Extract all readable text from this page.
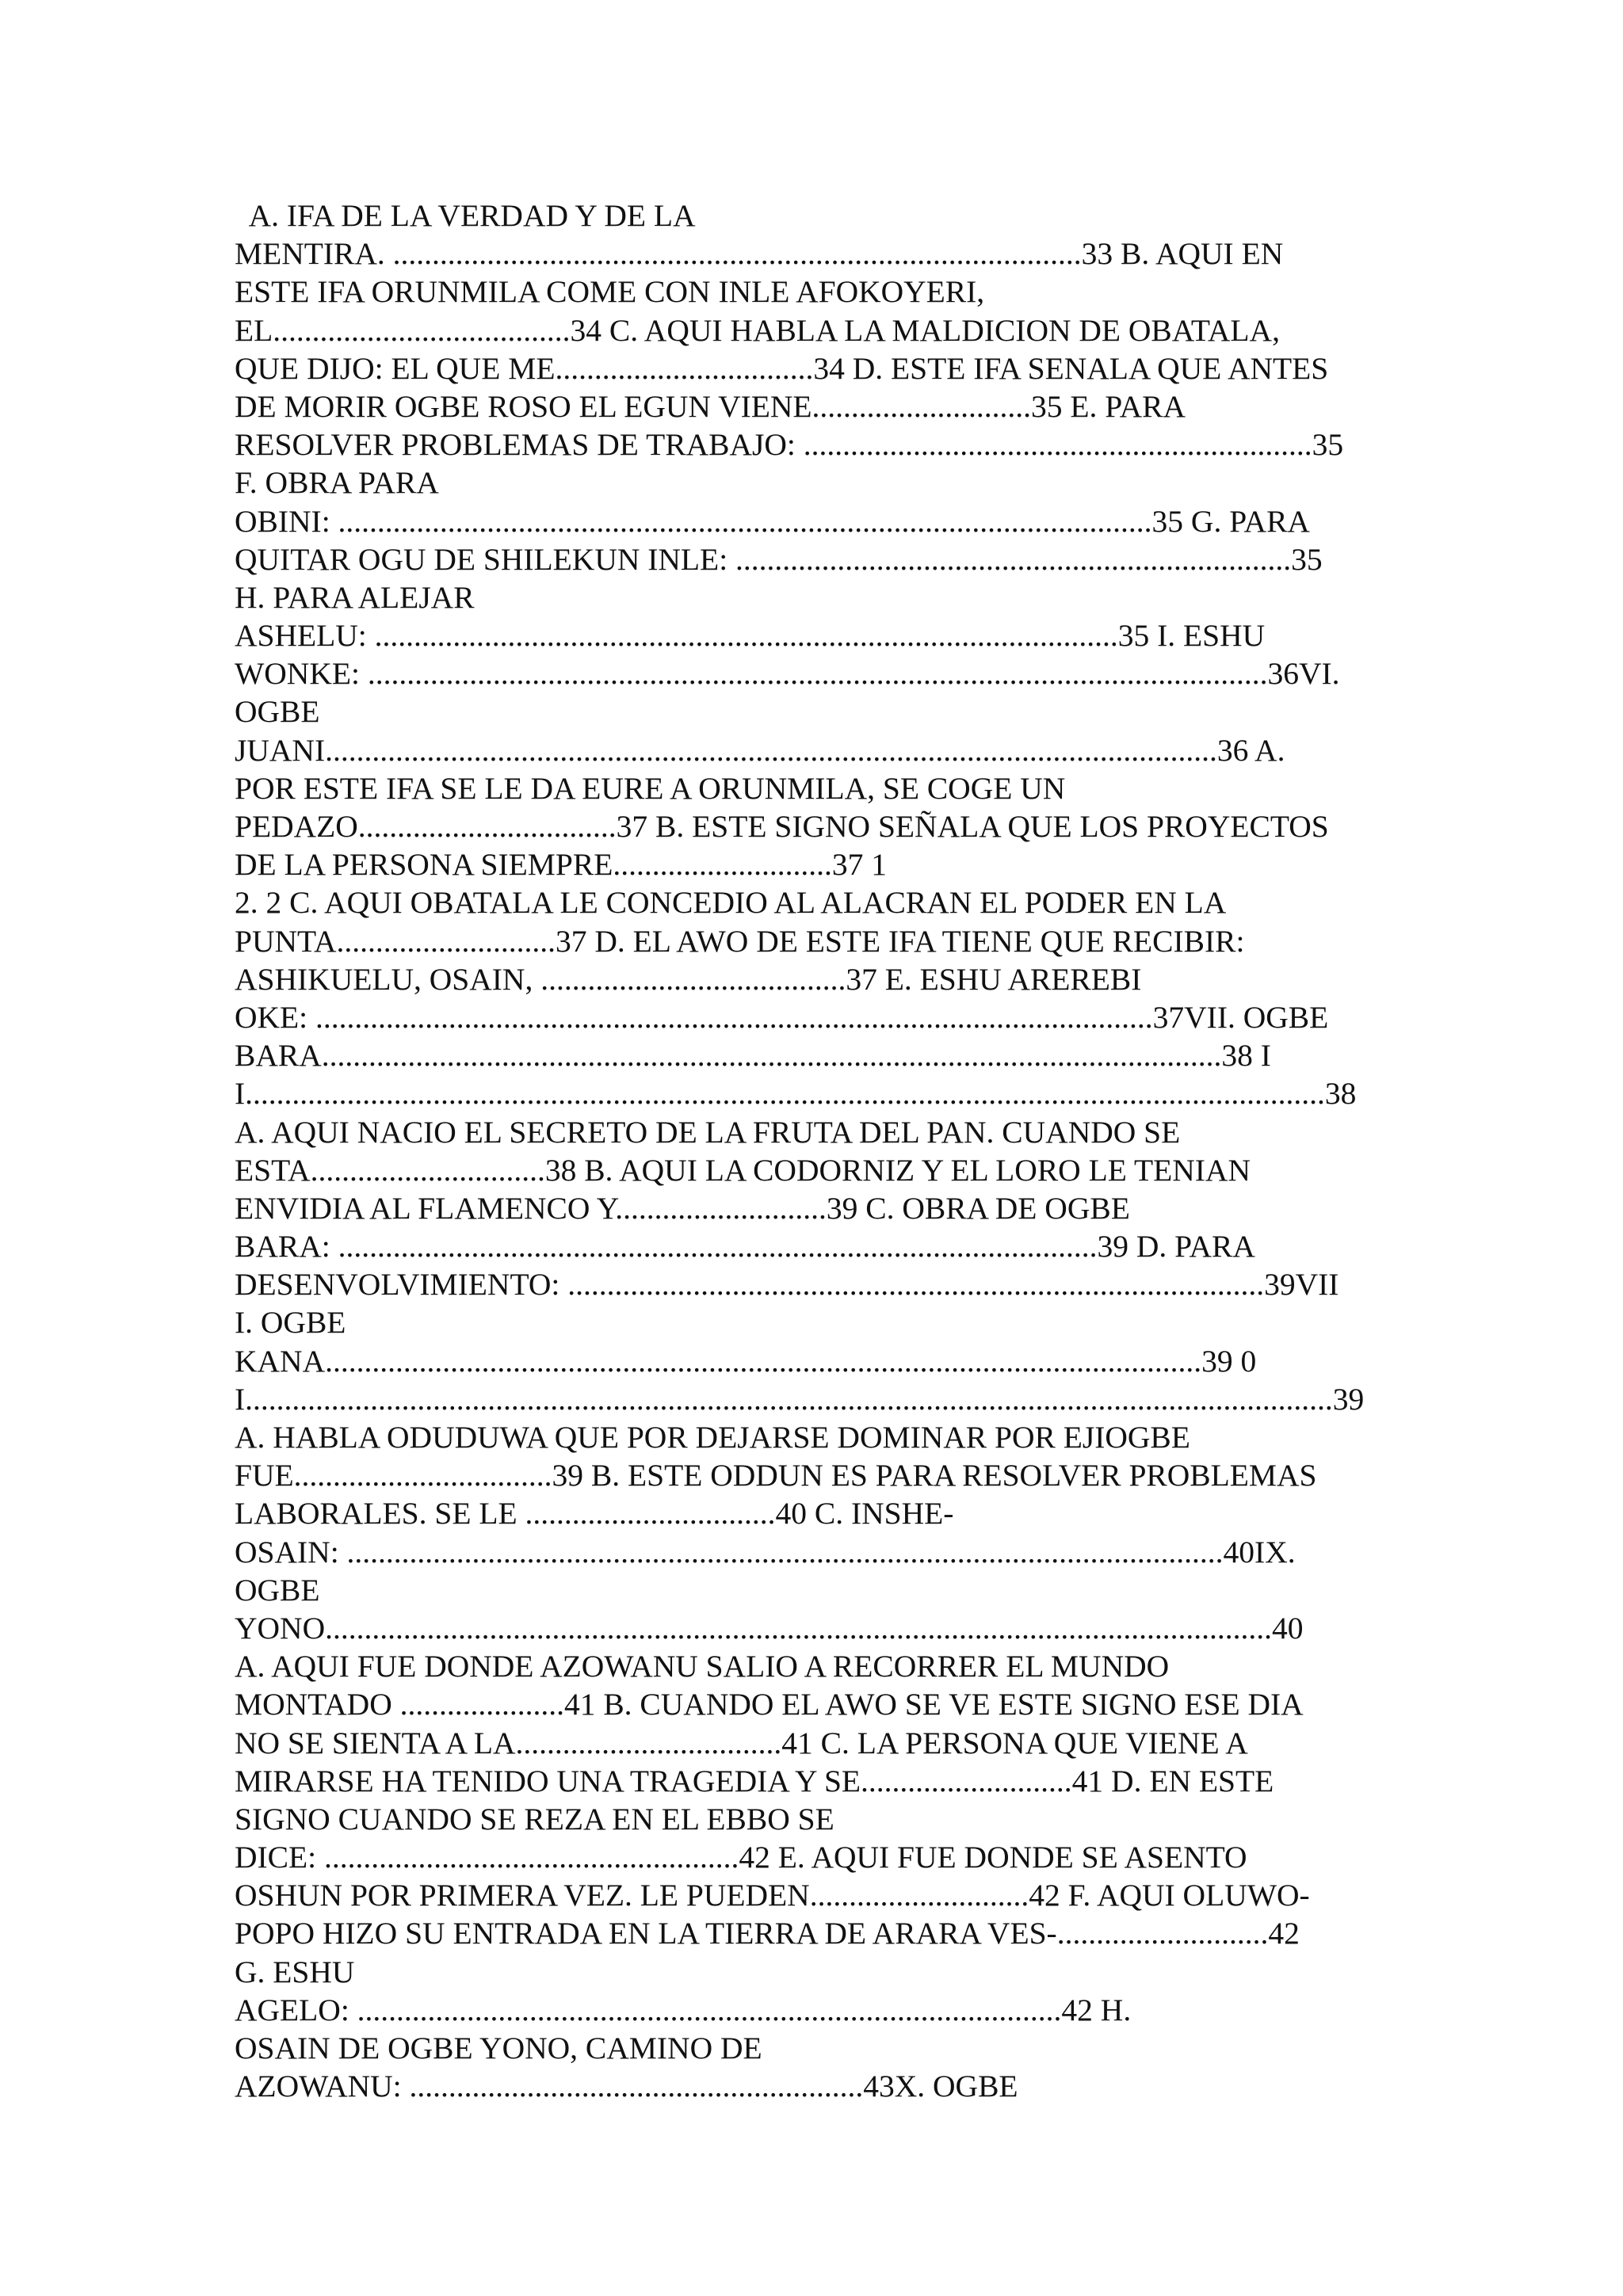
A. IFA DE LA VERDAD Y DE LA
MENTIRA. ........................................................................................33 B. AQUI EN
ESTE IFA ORUNMILA COME CON INLE AFOKOYERI,
EL......................................34 C. AQUI HABLA LA MALDICION DE OBATALA,
QUE DIJO: EL QUE ME.................................34 D. ESTE IFA SENALA QUE ANTES
DE MORIR OGBE ROSO EL EGUN VIENE............................35 E. PARA
RESOLVER PROBLEMAS DE TRABAJO: .................................................................35
F. OBRA PARA
OBINI: ........................................................................................................35 G. PARA
QUITAR OGU DE SHILEKUN INLE: .......................................................................35
H. PARA ALEJAR
ASHELU: ...............................................................................................35 I. ESHU
WONKE: ...................................................................................................................36VI.
OGBE
JUANI..................................................................................................................36 A.
POR ESTE IFA SE LE DA EURE A ORUNMILA, SE COGE UN
PEDAZO.................................37 B. ESTE SIGNO SEÑALA QUE LOS PROYECTOS
DE LA PERSONA SIEMPRE............................37 1
2. 2 C. AQUI OBATALA LE CONCEDIO AL ALACRAN EL PODER EN LA
PUNTA............................37 D. EL AWO DE ESTE IFA TIENE QUE RECIBIR:
ASHIKUELU, OSAIN, .......................................37 E. ESHU AREREBI
OKE: ...........................................................................................................37VII. OGBE
BARA...................................................................................................................38 I
I..........................................................................................................................................38
A. AQUI NACIO EL SECRETO DE LA FRUTA DEL PAN. CUANDO SE
ESTA..............................38 B. AQUI LA CODORNIZ Y EL LORO LE TENIAN
ENVIDIA AL FLAMENCO Y...........................39 C. OBRA DE OGBE
BARA: .................................................................................................39 D. PARA
DESENVOLVIMIENTO: .........................................................................................39VII
I. OGBE
KANA................................................................................................................39 0
I...........................................................................................................................................39
A. HABLA ODUDUWA QUE POR DEJARSE DOMINAR POR EJIOGBE
FUE.................................39 B. ESTE ODDUN ES PARA RESOLVER PROBLEMAS
LABORALES. SE LE ................................40 C. INSHE-
OSAIN: ................................................................................................................40IX.
OGBE
YONO.........................................................................................................................40
A. AQUI FUE DONDE AZOWANU SALIO A RECORRER EL MUNDO
MONTADO .....................41 B. CUANDO EL AWO SE VE ESTE SIGNO ESE DIA
NO SE SIENTA A LA..................................41 C. LA PERSONA QUE VIENE A
MIRARSE HA TENIDO UNA TRAGEDIA Y SE...........................41 D. EN ESTE
SIGNO CUANDO SE REZA EN EL EBBO SE
DICE: .....................................................42 E. AQUI FUE DONDE SE ASENTO
OSHUN POR PRIMERA VEZ. LE PUEDEN............................42 F. AQUI OLUWO-
POPO HIZO SU ENTRADA EN LA TIERRA DE ARARA VES-...........................42
G. ESHU
AGELO: ..........................................................................................42 H.
OSAIN DE OGBE YONO, CAMINO DE
AZOWANU: ..........................................................43X. OGBE
